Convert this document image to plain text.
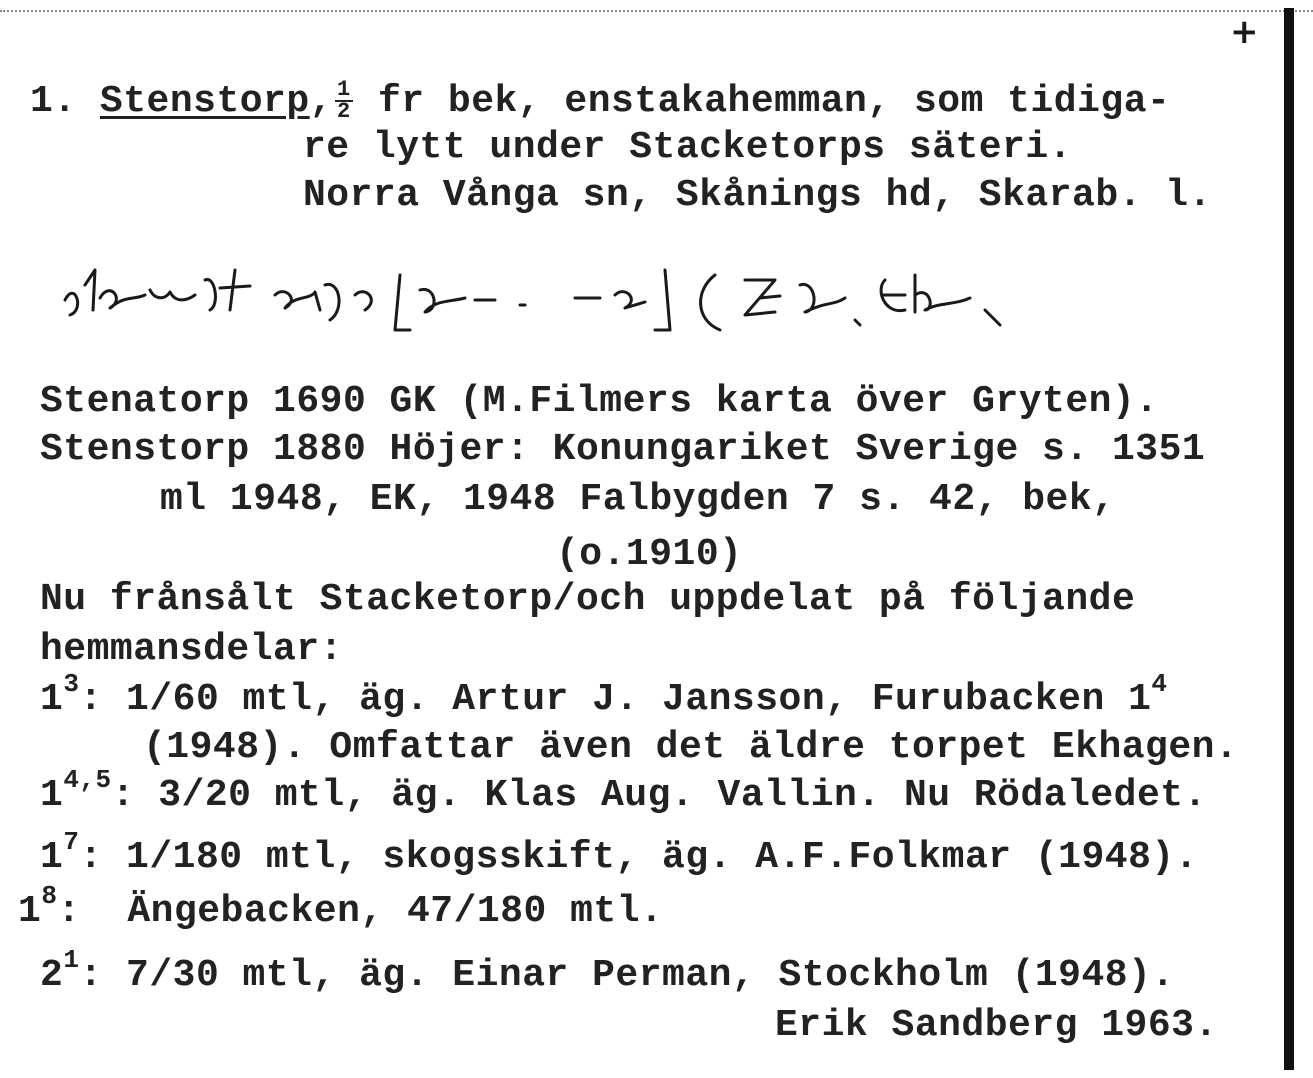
+
1. Stenstorp, $\frac{1}{2}$ fr bek, enstakahemman, som tidiga-
re lytt under Stacketorps säteri.
Norra Vånga sn, Skånings hd, Skarab. l.
Stenatorp 1690 GK (M.Filmers karta över Gryten).
Stenstorp 1880 Höjer: Konungariket Sverige s. 1351
ml 1948, EK, 1948 Falbygden 7 s. 42, bek,
(o.1910)
Nu frånsålt Stacketorp/och uppdelat på följande
hemmansdelar:
$1^3$: 1/60 mtl, äg. Artur J. Jansson, Furubacken $1^4$
(1948). Omfattar även det äldre torpet Ekhagen.
1$^{4,5}$: 3/20 mtl, äg. Klas Aug. Vallin. Nu Rödaledet.
$1^7$: 1/180 mtl, skogsskift, äg. A.F.Folkmar (1948).
$1^8$:  Ängebacken, 47/180 mtl.
$2^1$: 7/30 mtl, äg. Einar Perman, Stockholm (1948).
Erik Sandberg 1963.
